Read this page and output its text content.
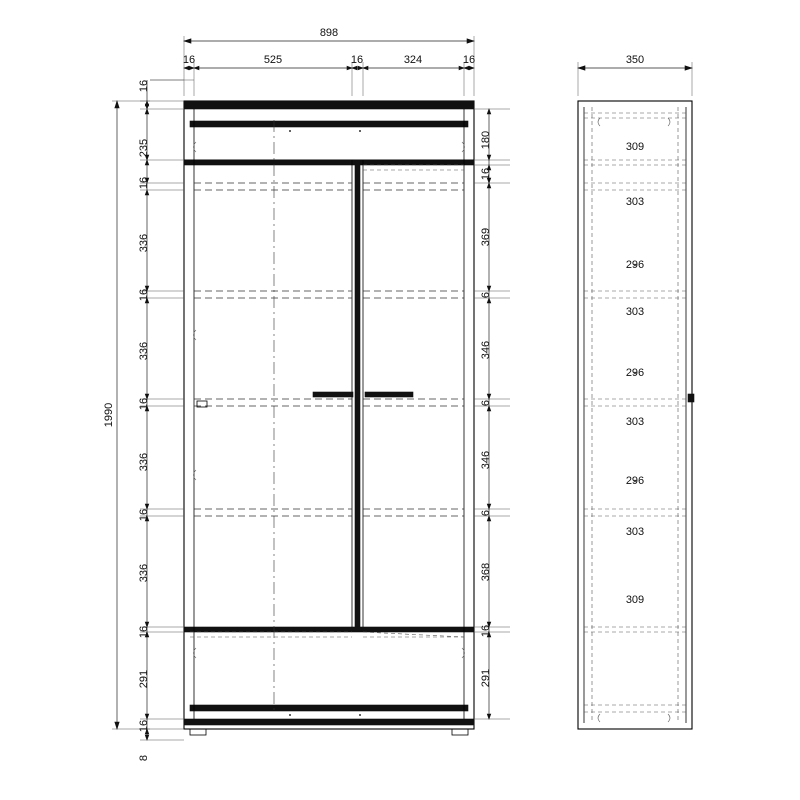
898
16	525	16	324	16
1990
16
235
16
336
16
336
16
336
16
336
16
291
16
8
180
16
369
6
346
6
346
6
368
16
291
309
303
296
303
296
303
296
303
309
350
